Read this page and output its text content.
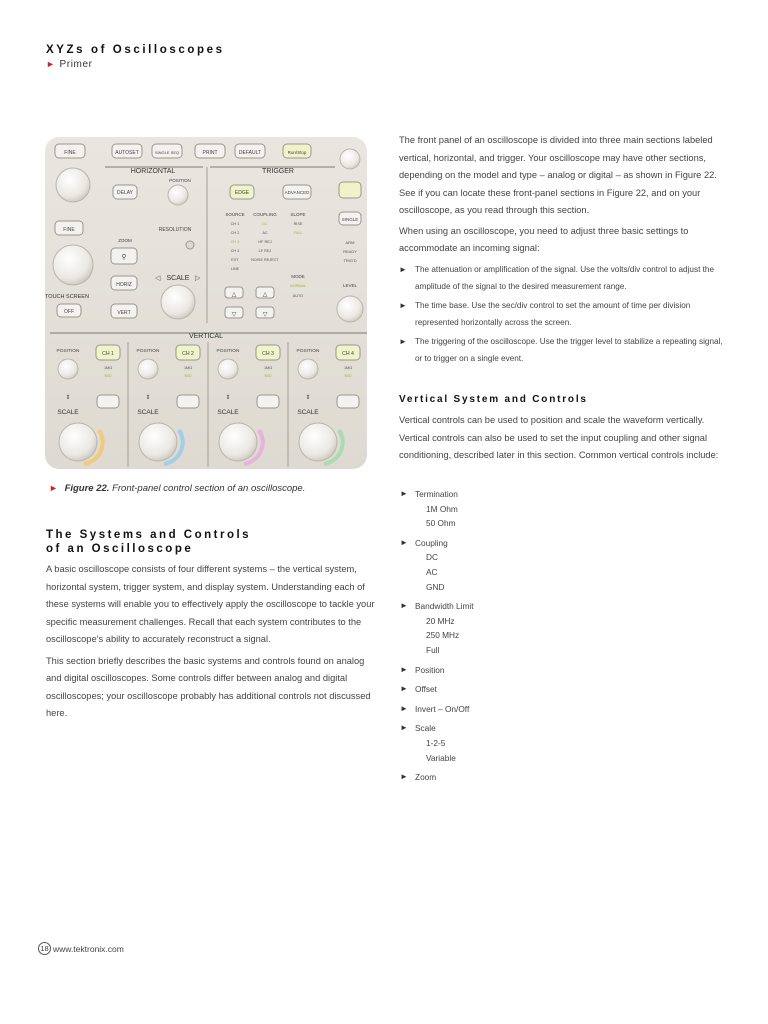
XYZs of Oscilloscopes
► Primer
FINE	AUTOSET	SINGLE SEQ	PRINT	DEFAULT	Run/Stop
FINE
TOUCH SCREEN
OFF
HORIZONTAL
POSITION
DELAY
RESOLUTION
ZOOM
⚲
HORIZ
VERT
◁ SCALE ▷
TRIGGER
EDGE	ADVANCED
SINGLE
SOURCE COUPLING	SLOPE
CH 1
CH 2
CH 3
CH 4
EXT
LINE
DC
AC
HF REJ
LF REJ
NOISE REJECT
RISE
FALL
MODE
NORMAL
AUTO
ARM
READY
TRIG'D
LEVEL
△	△
▽	▽
VERTICAL
POSITION	CH 1
1MΩ
50Ω
⇕
SCALE
POSITION	CH 2
1MΩ
50Ω
⇕
SCALE
POSITION	CH 3
1MΩ
50Ω
⇕
SCALE
POSITION	CH 4
1MΩ
50Ω
⇕
SCALE
► Figure 22. Front-panel control section of an oscilloscope.
The Systems and Controls
of an Oscilloscope

A basic oscilloscope consists of four different systems – the vertical system, horizontal system, trigger system, and display system. Understanding each of these systems will enable you to effectively apply the oscilloscope to tackle your specific measurement challenges. Recall that each system contributes to the oscilloscope’s ability to accurately reconstruct a signal.

This section briefly describes the basic systems and controls found on analog and digital oscilloscopes. Some controls differ between analog and digital oscilloscopes; your oscilloscope probably has additional controls not discussed here.

The front panel of an oscilloscope is divided into three main sections labeled vertical, horizontal, and trigger. Your oscilloscope may have other sections, depending on the model and type – analog or digital – as shown in Figure 22. See if you can locate these front-panel sections in Figure 22, and on your oscilloscope, as you read through this section.

When using an oscilloscope, you need to adjust three basic settings to accommodate an incoming signal:

► The attenuation or amplification of the signal. Use the volts/div control to adjust the amplitude of the signal to the desired measurement range.
► The time base. Use the sec/div control to set the amount of time per division represented horizontally across the screen.
► The triggering of the oscilloscope. Use the trigger level to stabilize a repeating signal, or to trigger on a single event.
Vertical System and Controls
Vertical controls can be used to position and scale the waveform vertically. Vertical controls can also be used to set the input coupling and other signal conditioning, described later in this section. Common vertical controls include:
► Termination
1M Ohm
50 Ohm
► Coupling
DC
AC
GND
► Bandwidth Limit
20 MHz
250 MHz
Full
► Position
► Offset
► Invert – On/Off
► Scale
1-2-5
Variable
► Zoom
18 www.tektronix.com
